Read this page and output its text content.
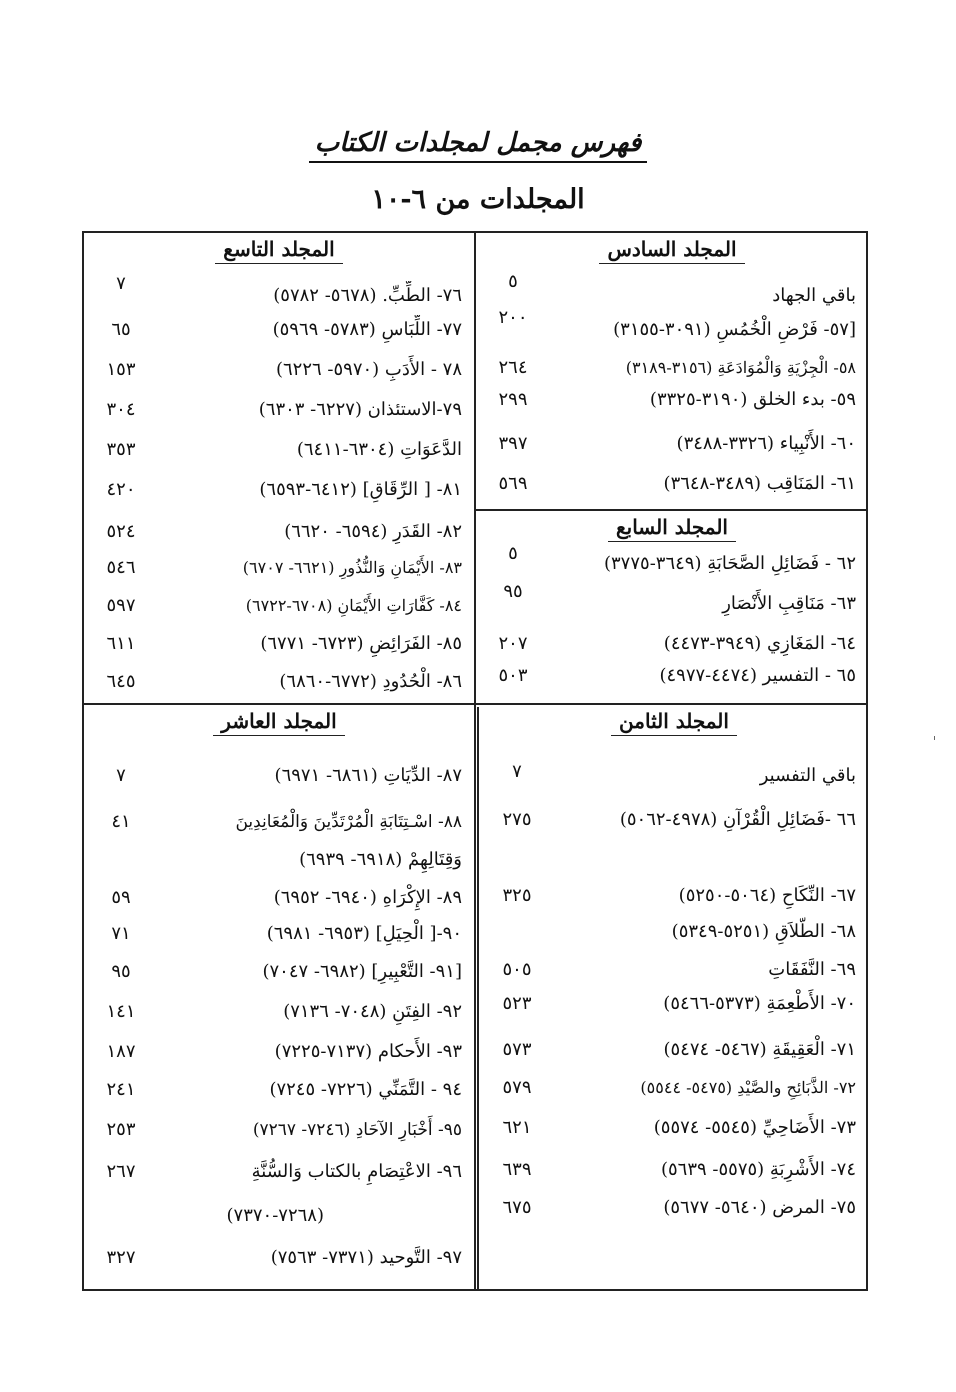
فهرس مجمل لمجلدات الكتاب
المجلدات من ٦-١٠
المجلد السادس
باقي الجهاد
٥
[٥٧- فَرْضِ الْخُمُسِ (٣٠٩١-٣١٥٥)
٢٠٠
٥٨- الْجِزْيَةِ وَالْمُوَادَعَةِ (٣١٥٦-٣١٨٩)
٢٦٤
٥٩- بدء الخلق (٣١٩٠-٣٣٢٥)
٢٩٩
٦٠- الأَنْبِياء (٣٣٢٦-٣٤٨٨)
٣٩٧
٦١- المَنَاقِب (٣٤٨٩-٣٦٤٨)
٥٦٩
المجلد السابع
٦٢ - فَضَائِلِ الصَّحَابَةِ (٣٦٤٩-٣٧٧٥)
٥
٦٣- مَنَاقِبِ الأَنْصَارِ
٩٥
٦٤- المَغَازِي (٣٩٤٩-٤٤٧٣)
٢٠٧
٦٥ - التفسير (٤٤٧٤-٤٩٧٧)
٥٠٣
المجلد الثامن
باقي التفسير
٧
٦٦ -فَضَائِلِ الْقُرْآنِ (٤٩٧٨-٥٠٦٢)
٢٧٥
٦٧- النِّكَاحِ (٥٠٦٤-٥٢٥٠)
٣٢٥
٦٨- الطَّلاَقِ (٥٢٥١-٥٣٤٩)
٦٩- النَّفَقَاتِ
٥٠٥
٧٠- الأَطْعِمَةِ (٥٣٧٣-٥٤٦٦)
٥٢٣
٧١- الْعَقِيقَةِ (٥٤٦٧- ٥٤٧٤)
٥٧٣
٧٢- الذَّبَائِحِ والصَّيْدِ (٥٤٧٥- ٥٥٤٤)
٥٧٩
٧٣- الأَضَاحِيِّ (٥٥٤٥- ٥٥٧٤)
٦٢١
٧٤- الأَشْرِبَةِ (٥٥٧٥- ٥٦٣٩)
٦٣٩
٧٥- المرض (٥٦٤٠- ٥٦٧٧)
٦٧٥
المجلد التاسع
٧٦- الطِّبِّ. (٥٦٧٨- ٥٧٨٢)
٧
٧٧- اللِّبَاسِ (٥٧٨٣- ٥٩٦٩)
٦٥
٧٨ - الأَدَبِ (٥٩٧٠- ٦٢٢٦)
١٥٣
٧٩-الاستئذان (٦٢٢٧- ٦٣٠٣)
٣٠٤
الدَّعَوَاتِ (٦٣٠٤-٦٤١١)
٣٥٣
٨١- [ الرِّقَاقِ] (٦٤١٢-٦٥٩٣)
٤٢٠
٨٢- القَدَرِ (٦٥٩٤- ٦٦٢٠)
٥٢٤
٨٣- الأَيْمَانِ وَالنُّذُورِ (٦٦٢١- ٦٧٠٧)
٥٤٦
٨٤- كَفَّارَاتِ الأَيْمَانِ (٦٧٠٨-٦٧٢٢)
٥٩٧
٨٥- الفَرَائِضِ (٦٧٢٣- ٦٧٧١)
٦١١
٨٦- الْحُدُودِ (٦٧٧٢-٦٨٦٠)
٦٤٥
المجلد العاشر
٨٧- الدِّيَاتِ (٦٨٦١- ٦٩٧١)
٧
٨٨- اسْـتِتَابَةِ الْمُرْتَدِّينَ وَالْمُعَانِدِينَ
٤١
وَقِتَالِهِمْ (٦٩١٨- ٦٩٣٩)
٨٩- الإِكْرَاهِ (٦٩٤٠- ٦٩٥٢)
٥٩
٩٠-[ الْحِيَلِ] (٦٩٥٣- ٦٩٨١)
٧١
[٩١- التَّعْبِيرِ] (٦٩٨٢- ٧٠٤٧)
٩٥
٩٢- الفِتَنِ (٧٠٤٨- ٧١٣٦)
١٤١
٩٣- الأَحكام (٧١٣٧-٧٢٢٥)
١٨٧
٩٤ - التَّمَنِّي (٧٢٢٦- ٧٢٤٥)
٢٤١
٩٥- أَخْبَارِ الآحَادِ (٧٢٤٦- ٧٢٦٧)
٢٥٣
٩٦- الاعْتِصَامِ بالكتاب وَالسُّنَّةِ
٢٦٧
(٧٢٦٨-٧٣٧٠)
٩٧- التَّوحيد (٧٣٧١- ٧٥٦٣)
٣٢٧
